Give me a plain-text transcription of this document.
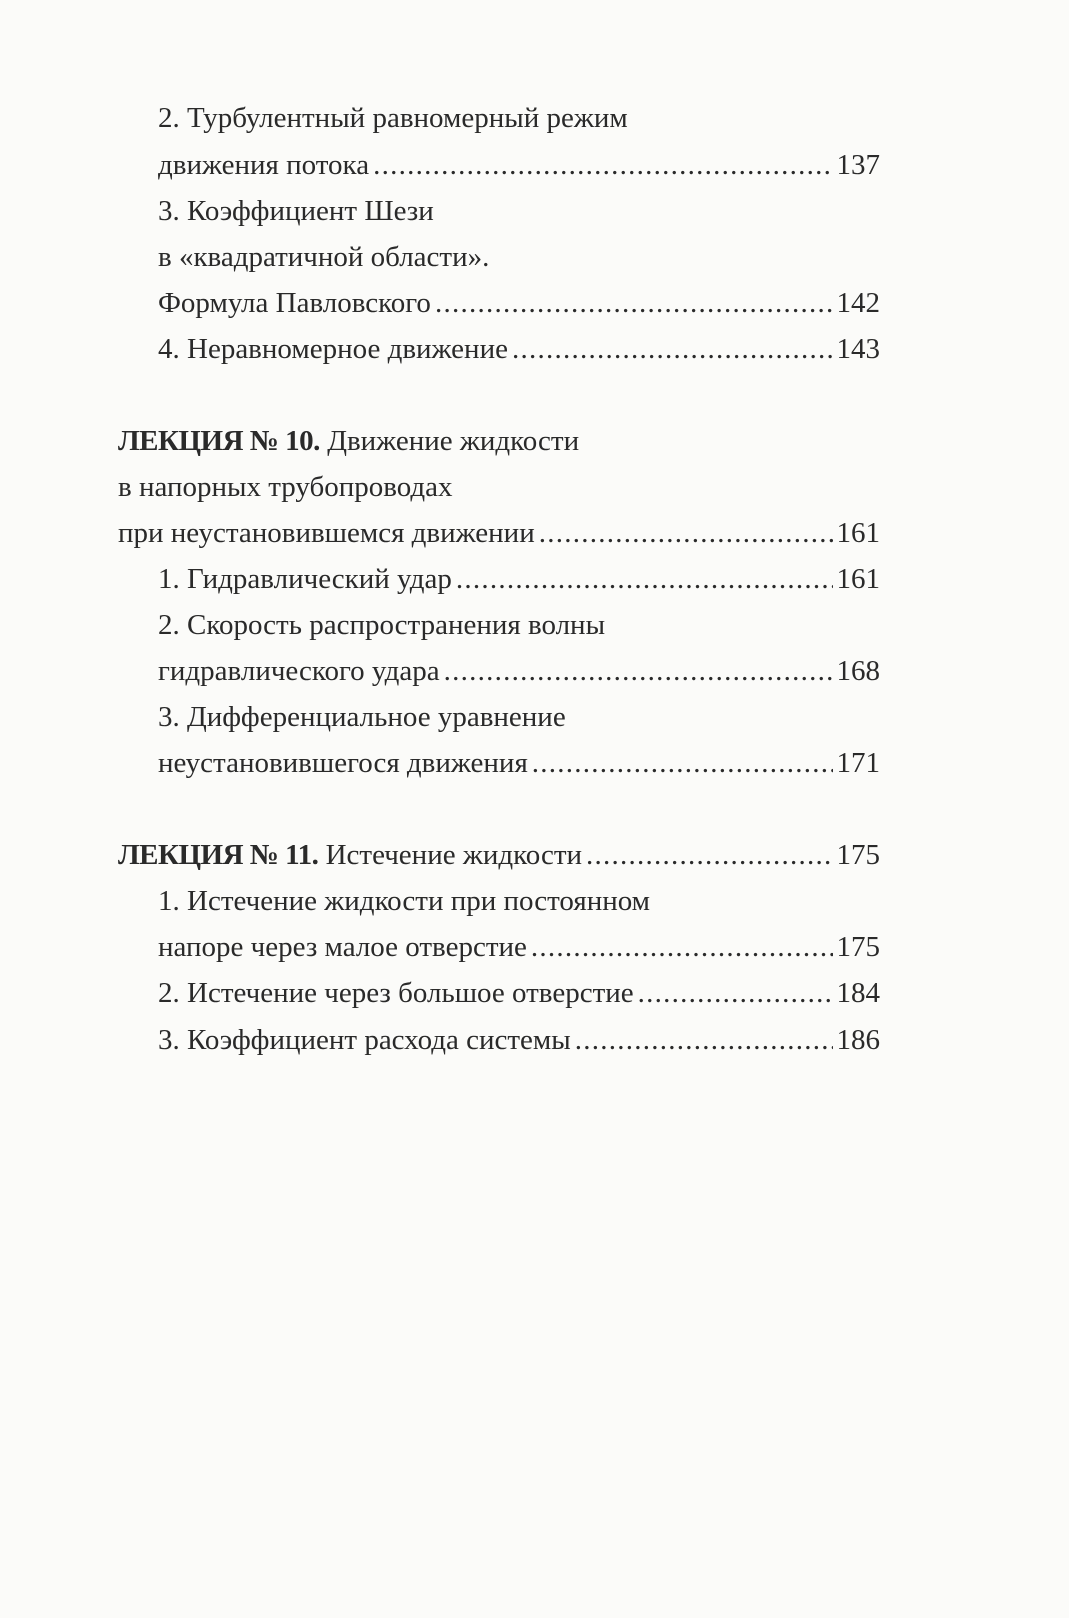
2. Турбулентный равномерный режим
движения потока . . .	137
3. Коэффициент Шези
в «квадратичной области».
Формула Павловского . . .	142
4. Неравномерное движение . . .	143
ЛЕКЦИЯ № 10. Движение жидкости
в напорных трубопроводах
при неустановившемся движении . . .	161
1. Гидравлический удар . . .	161
2. Скорость распространения волны
гидравлического удара . . .	168
3. Дифференциальное уравнение
неустановившегося движения . . .	171
ЛЕКЦИЯ № 11. Истечение жидкости . . .	175
1. Истечение жидкости при постоянном
напоре через малое отверстие . . .	175
2. Истечение через большое отверстие . . .	184
3. Коэффициент расхода системы . . .	186
